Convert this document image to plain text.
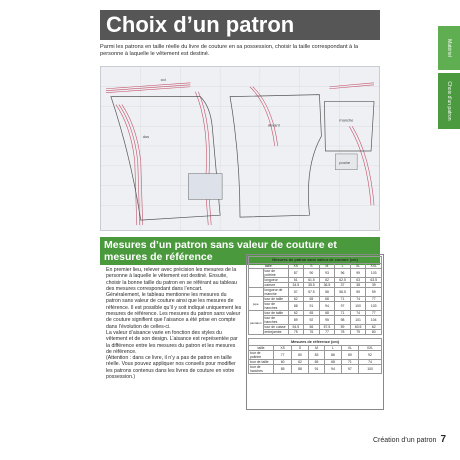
Choix d’un patron
Matériel
Choix d’un patron

Parmi les patrons en taille réelle du livre de couture en sa possession, choisir la taille correspondant à la personne à laquelle le vêtement est destiné.

dos
devant
manche
col
poche
Mesures d’un patron sans valeur de couture et mesures de référence

En premier lieu, relever avec précision les mesures de la personne à laquelle le vêtement est destiné. Ensuite, choisir la bonne taille du patron en se référant au tableau des mesures correspondant dans l’encart.

Généralement, le tableau mentionne les mesures du patron sans valeur de couture ainsi que les mesures de référence. Il est possible qu’il y soit indiqué uniquement les mesures de référence. Les mesures du patron sans valeur de couture signifient que l’aisance a été prise en compte dans l’évolution de celles-ci.

La valeur d’aisance varie en fonction des styles du vêtement et de son design. L’aisance est représentée par la différence entre les mesures du patron et les mesures de référence.

(Attention : dans ce livre, il n’y a pas de patron en taille réelle. Vous pouvez appliquer nos conseils pour modifier les patrons contenus dans les livres de couture en votre possession.)

Mesures du patron sans valeur de couture (cm)							
taille		XS	S	M	L	XL	XXL
	tour de poitrine	87	90	93	96	99	103
	longueur	61	61.5	62	62.5	63	63.5
	carrure	34.5	35.5	36.5	37	38	39
	longueur de manche	57	57.5	58	58.5	59	59
jupe	tour de taille	62	65	68	71	74	77
	tour de hanches	88	91	94	97	100	103
pantalon	tour de taille	62	65	68	71	74	77
	tour de hanches	89	92	95	98	101	104
	tour de cuisse	54.5	56	57.5	59	60.5	62
	entrejambe	75	76	77	78	79	80
Mesures de référence (cm)						
taille	XS	S	M	L	XL	XXL
tour de poitrine	77	80	83	86	89	92
tour de taille	60	62	65	68	71	74
tour de hanches	85	88	91	94	97	100
Création d’un patron 7
